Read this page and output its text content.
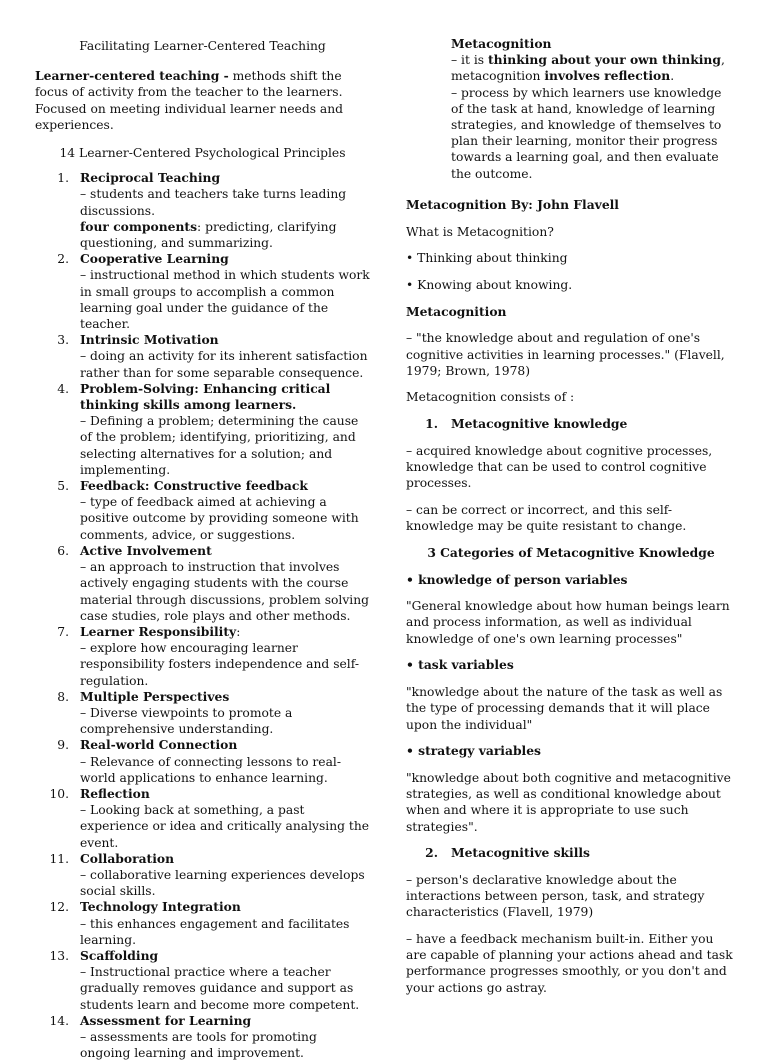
Facilitating Learner-Centered Teaching

Learner-centered teaching - methods shift the focus of activity from the teacher to the learners. Focused on meeting individual learner needs and experiences.

14 Learner-Centered Psychological Principles

1. Reciprocal Teaching
– students and teachers take turns leading discussions.
four components: predicting, clarifying questioning, and summarizing.
2. Cooperative Learning
– instructional method in which students work in small groups to accomplish a common learning goal under the guidance of the teacher.
3. Intrinsic Motivation
– doing an activity for its inherent satisfaction rather than for some separable consequence.
4. Problem-Solving: Enhancing critical thinking skills among learners.
– Defining a problem; determining the cause of the problem; identifying, prioritizing, and selecting alternatives for a solution; and implementing.
5. Feedback: Constructive feedback
– type of feedback aimed at achieving a positive outcome by providing someone with comments, advice, or suggestions.
6. Active Involvement
– an approach to instruction that involves actively engaging students with the course material through discussions, problem solving case studies, role plays and other methods.
7. Learner Responsibility:
– explore how encouraging learner responsibility fosters independence and self-regulation.
8. Multiple Perspectives
– Diverse viewpoints to promote a comprehensive understanding.
9. Real-world Connection
– Relevance of connecting lessons to real-world applications to enhance learning.
10. Reflection
– Looking back at something, a past experience or idea and critically analysing the event.
11. Collaboration
– collaborative learning experiences develops social skills.
12. Technology Integration
– this enhances engagement and facilitates learning.
13. Scaffolding
– Instructional practice where a teacher gradually removes guidance and support as students learn and become more competent.
14. Assessment for Learning
– assessments are tools for promoting ongoing learning and improvement.

Metacognition

– it is thinking about your own thinking,

metacognition involves reflection.

– process by which learners use knowledge of the task at hand, knowledge of learning strategies, and knowledge of themselves to plan their learning, monitor their progress towards a learning goal, and then evaluate the outcome.

Metacognition By: John Flavell

What is Metacognition?

• Thinking about thinking

• Knowing about knowing.

Metacognition

– "the knowledge about and regulation of one's cognitive activities in learning processes." (Flavell, 1979; Brown, 1978)

Metacognition consists of :

1. Metacognitive knowledge

– acquired knowledge about cognitive processes, knowledge that can be used to control cognitive processes.

– can be correct or incorrect, and this self- knowledge may be quite resistant to change.

3 Categories of Metacognitive Knowledge

• knowledge of person variables

"General knowledge about how human beings learn and process information, as well as individual knowledge of one's own learning processes"

• task variables

"knowledge about the nature of the task as well as the type of processing demands that it will place upon the individual"

• strategy variables

"knowledge about both cognitive and metacognitive strategies, as well as conditional knowledge about when and where it is appropriate to use such strategies".

2. Metacognitive skills

– person's declarative knowledge about the interactions between person, task, and strategy characteristics (Flavell, 1979)

– have a feedback mechanism built-in. Either you are capable of planning your actions ahead and task performance progresses smoothly, or you don't and your actions go astray.
